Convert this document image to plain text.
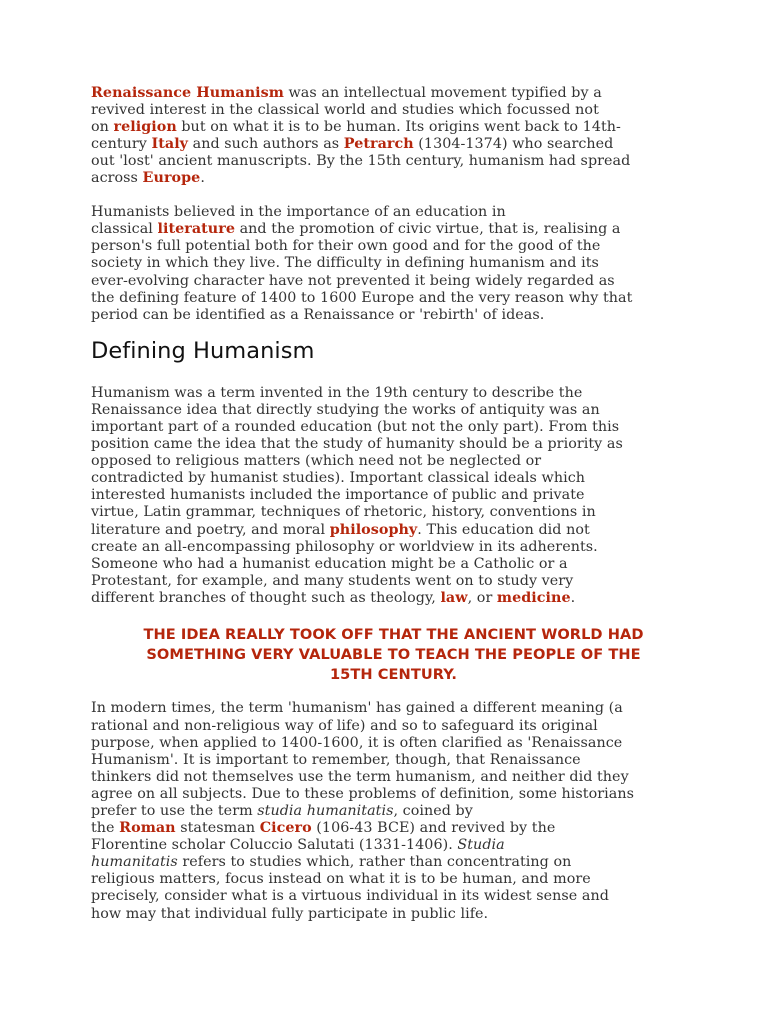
Renaissance Humanism was an intellectual movement typified by a
revived interest in the classical world and studies which focussed not
on religion but on what it is to be human. Its origins went back to 14th-
century Italy and such authors as Petrarch (1304-1374) who searched
out 'lost' ancient manuscripts. By the 15th century, humanism had spread
across Europe.
Humanists believed in the importance of an education in
classical literature and the promotion of civic virtue, that is, realising a
person's full potential both for their own good and for the good of the
society in which they live. The difficulty in defining humanism and its
ever-evolving character have not prevented it being widely regarded as
the defining feature of 1400 to 1600 Europe and the very reason why that
period can be identified as a Renaissance or 'rebirth' of ideas.
Defining Humanism
Humanism was a term invented in the 19th century to describe the
Renaissance idea that directly studying the works of antiquity was an
important part of a rounded education (but not the only part). From this
position came the idea that the study of humanity should be a priority as
opposed to religious matters (which need not be neglected or
contradicted by humanist studies). Important classical ideals which
interested humanists included the importance of public and private
virtue, Latin grammar, techniques of rhetoric, history, conventions in
literature and poetry, and moral philosophy. This education did not
create an all-encompassing philosophy or worldview in its adherents.
Someone who had a humanist education might be a Catholic or a
Protestant, for example, and many students went on to study very
different branches of thought such as theology, law, or medicine.
THE IDEA REALLY TOOK OFF THAT THE ANCIENT WORLD HAD
SOMETHING VERY VALUABLE TO TEACH THE PEOPLE OF THE
15TH CENTURY.
In modern times, the term 'humanism' has gained a different meaning (a
rational and non-religious way of life) and so to safeguard its original
purpose, when applied to 1400-1600, it is often clarified as 'Renaissance
Humanism'. It is important to remember, though, that Renaissance
thinkers did not themselves use the term humanism, and neither did they
agree on all subjects. Due to these problems of definition, some historians
prefer to use the term studia humanitatis, coined by
the Roman statesman Cicero (106-43 BCE) and revived by the
Florentine scholar Coluccio Salutati (1331-1406). Studia
humanitatis refers to studies which, rather than concentrating on
religious matters, focus instead on what it is to be human, and more
precisely, consider what is a virtuous individual in its widest sense and
how may that individual fully participate in public life.
